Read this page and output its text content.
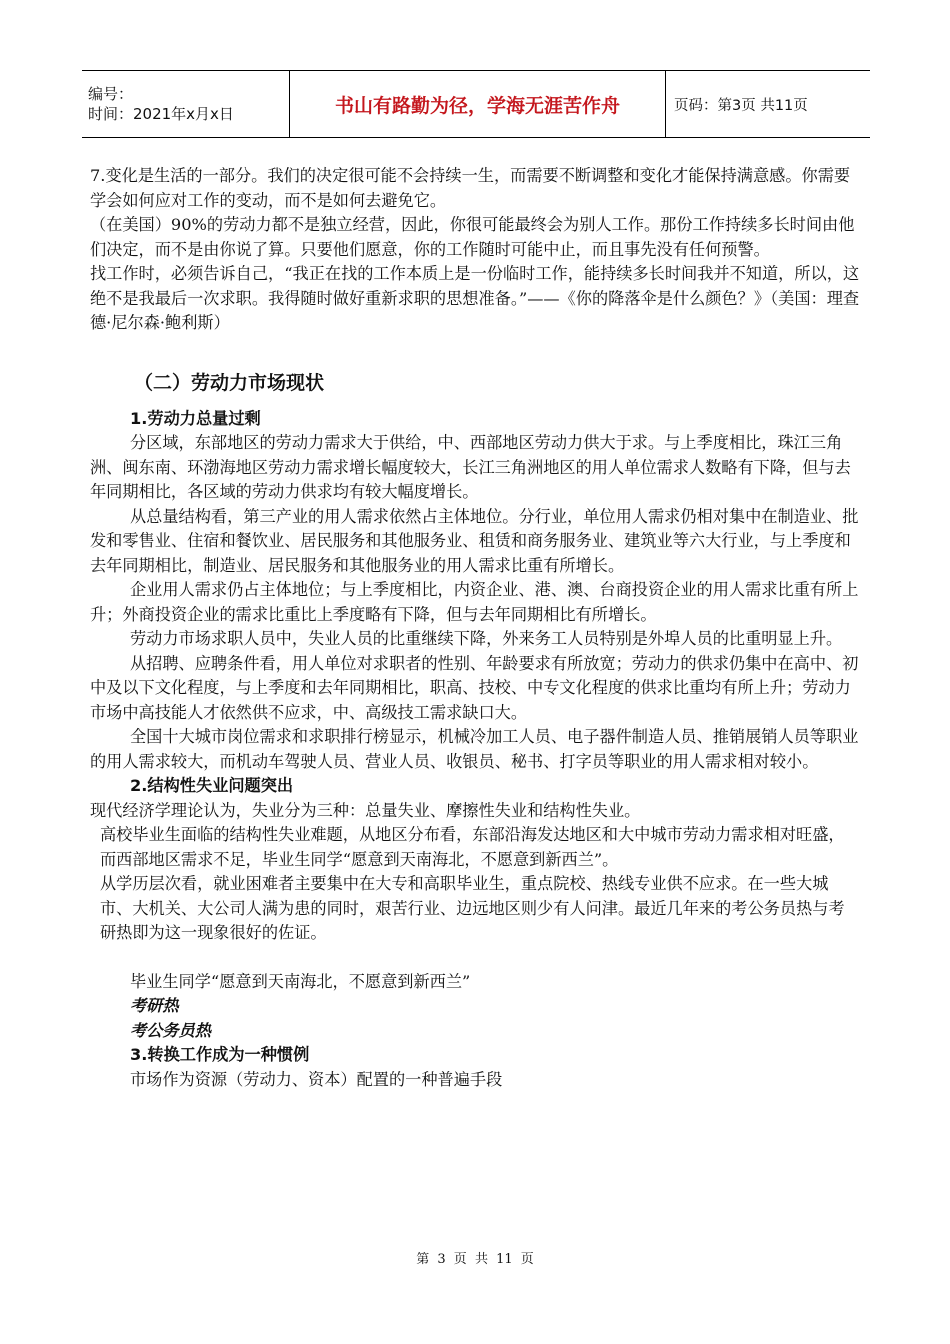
编号：
时间：2021年x月x日	书山有路勤为径，学海无涯苦作舟	页码：第3页 共11页

7.变化是生活的一部分。我们的决定很可能不会持续一生，而需要不断调整和变化才能保持满意感。你需要学会如何应对工作的变动，而不是如何去避免它。

（在美国）90%的劳动力都不是独立经营，因此，你很可能最终会为别人工作。那份工作持续多长时间由他们决定，而不是由你说了算。只要他们愿意，你的工作随时可能中止，而且事先没有任何预警。

找工作时，必须告诉自己，“我正在找的工作本质上是一份临时工作，能持续多长时间我并不知道，所以，这绝不是我最后一次求职。我得随时做好重新求职的思想准备。”——《你的降落伞是什么颜色？》（美国：理查德·尼尔森·鲍利斯）

（二）劳动力市场现状
1.劳动力总量过剩

分区域，东部地区的劳动力需求大于供给，中、西部地区劳动力供大于求。与上季度相比，珠江三角洲、闽东南、环渤海地区劳动力需求增长幅度较大，长江三角洲地区的用人单位需求人数略有下降，但与去年同期相比，各区域的劳动力供求均有较大幅度增长。

从总量结构看，第三产业的用人需求依然占主体地位。分行业，单位用人需求仍相对集中在制造业、批发和零售业、住宿和餐饮业、居民服务和其他服务业、租赁和商务服务业、建筑业等六大行业，与上季度和去年同期相比，制造业、居民服务和其他服务业的用人需求比重有所增长。

企业用人需求仍占主体地位；与上季度相比，内资企业、港、澳、台商投资企业的用人需求比重有所上升；外商投资企业的需求比重比上季度略有下降，但与去年同期相比有所增长。

劳动力市场求职人员中，失业人员的比重继续下降，外来务工人员特别是外埠人员的比重明显上升。

从招聘、应聘条件看，用人单位对求职者的性别、年龄要求有所放宽；劳动力的供求仍集中在高中、初中及以下文化程度，与上季度和去年同期相比，职高、技校、中专文化程度的供求比重均有所上升；劳动力市场中高技能人才依然供不应求，中、高级技工需求缺口大。

全国十大城市岗位需求和求职排行榜显示，机械冷加工人员、电子器件制造人员、推销展销人员等职业的用人需求较大，而机动车驾驶人员、营业人员、收银员、秘书、打字员等职业的用人需求相对较小。

2.结构性失业问题突出

现代经济学理论认为，失业分为三种：总量失业、摩擦性失业和结构性失业。

高校毕业生面临的结构性失业难题，从地区分布看，东部沿海发达地区和大中城市劳动力需求相对旺盛，而西部地区需求不足，毕业生同学“愿意到天南海北，不愿意到新西兰”。

从学历层次看，就业困难者主要集中在大专和高职毕业生，重点院校、热线专业供不应求。在一些大城市、大机关、大公司人满为患的同时，艰苦行业、边远地区则少有人问津。最近几年来的考公务员热与考研热即为这一现象很好的佐证。

毕业生同学“愿意到天南海北，不愿意到新西兰”

考研热

考公务员热

3.转换工作成为一种惯例

市场作为资源（劳动力、资本）配置的一种普遍手段

第 3 页 共 11 页
